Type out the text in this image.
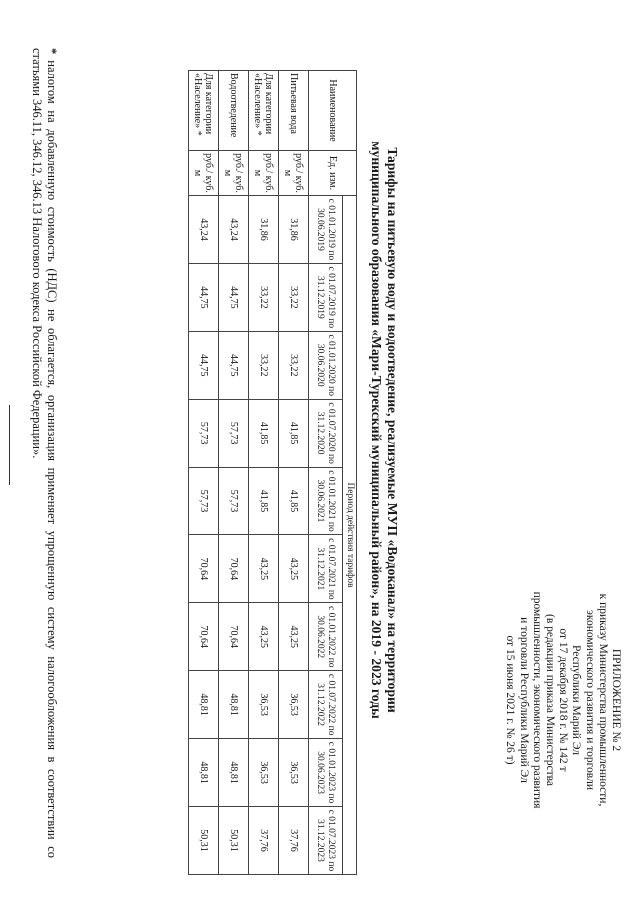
ПРИЛОЖЕНИЕ № 2
к приказу Министерства промышленности,
экономического развития и торговли
Республики Марий Эл
от 17 декабря 2018 г. № 142 т
(в редакции приказа Министерства
промышленности, экономического развития
и торговли Республики Марий Эл
от 15 июня 2021 г. № 26 т)
Тарифы на питьевую воду и водоотведение, реализуемые МУП «Водоканал» на территории
муниципального образования «Мари-Турекский муниципальный район», на 2019 - 2023 годы
Наименование	Ед. изм.	Период действия тарифов									
		с 01.01.2019 по 30.06.2019	с 01.07.2019 по 31.12.2019	с 01.01.2020 по 30.06.2020	с 01.07.2020 по 31.12.2020	с 01.01.2021 по 30.06.2021	с 01.07.2021 по 31.12.2021	с 01.01.2022 по 30.06.2022	с 01.07.2022 по 31.12.2022	с 01.01.2023 по 30.06.2023	с 01.07.2023 по 31.12.2023
Питьевая вода	руб./ куб. м	31,86	33,22	33,22	41,85	41,85	43,25	43,25	36,53	36,53	37,76
Для категории «Население» *	руб./ куб. м	31,86	33,22	33,22	41,85	41,85	43,25	43,25	36,53	36,53	37,76
Водоотведение	руб./ куб. м	43,24	44,75	44,75	57,73	57,73	70,64	70,64	48,81	48,81	50,31
Для категории «Население» *	руб./ куб. м	43,24	44,75	44,75	57,73	57,73	70,64	70,64	48,81	48,81	50,31
*налогом на добавленную стоимость (НДС) не облагается, организация применяет упрощенную систему налогообложения в соответствии со статьями 346.11, 346.12, 346.13 Налогового кодекса Российской Федерации».
